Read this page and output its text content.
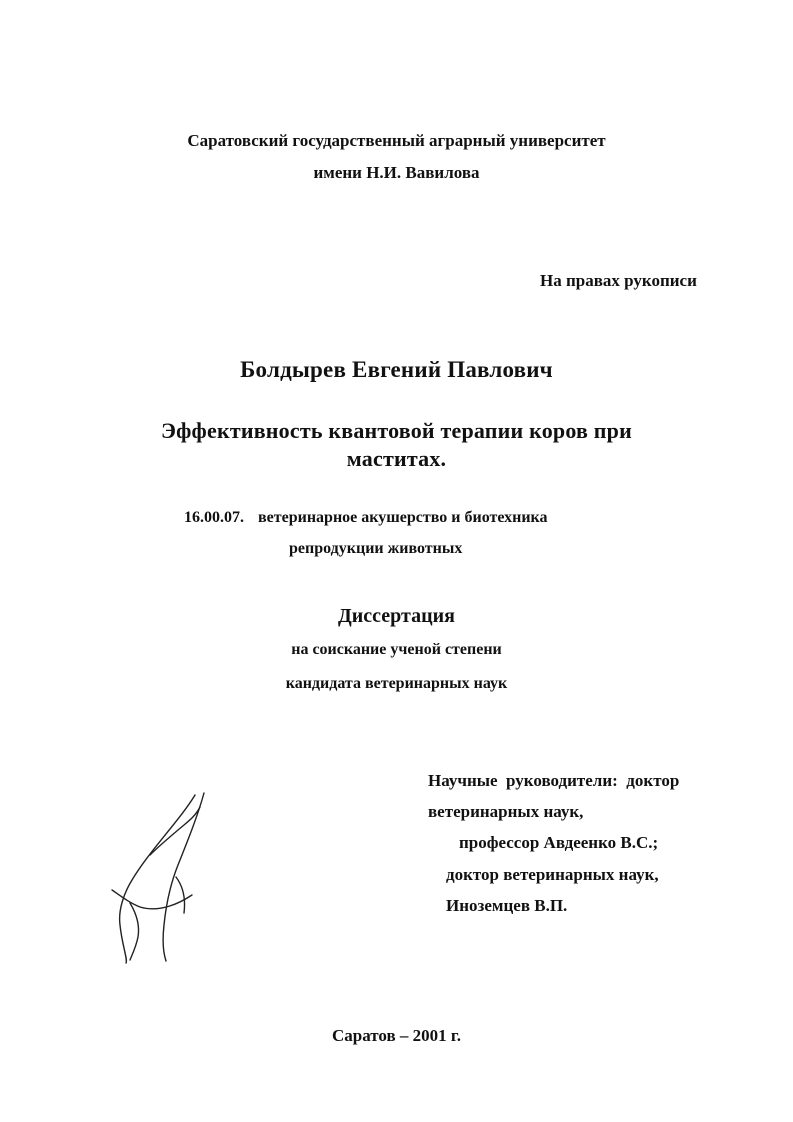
Саратовский государственный аграрный университет
имени Н.И. Вавилова
На правах рукописи
Болдырев Евгений Павлович
Эффективность квантовой терапии коров при
маститах.
16.00.07. ветеринарное акушерство и биотехника
репродукции животных
Диссертация
на соискание ученой степени
кандидата ветеринарных наук
Научные  руководители:  доктор
ветеринарных наук,
профессор Авдеенко В.С.;
доктор ветеринарных наук,
Иноземцев В.П.
Саратов – 2001 г.
